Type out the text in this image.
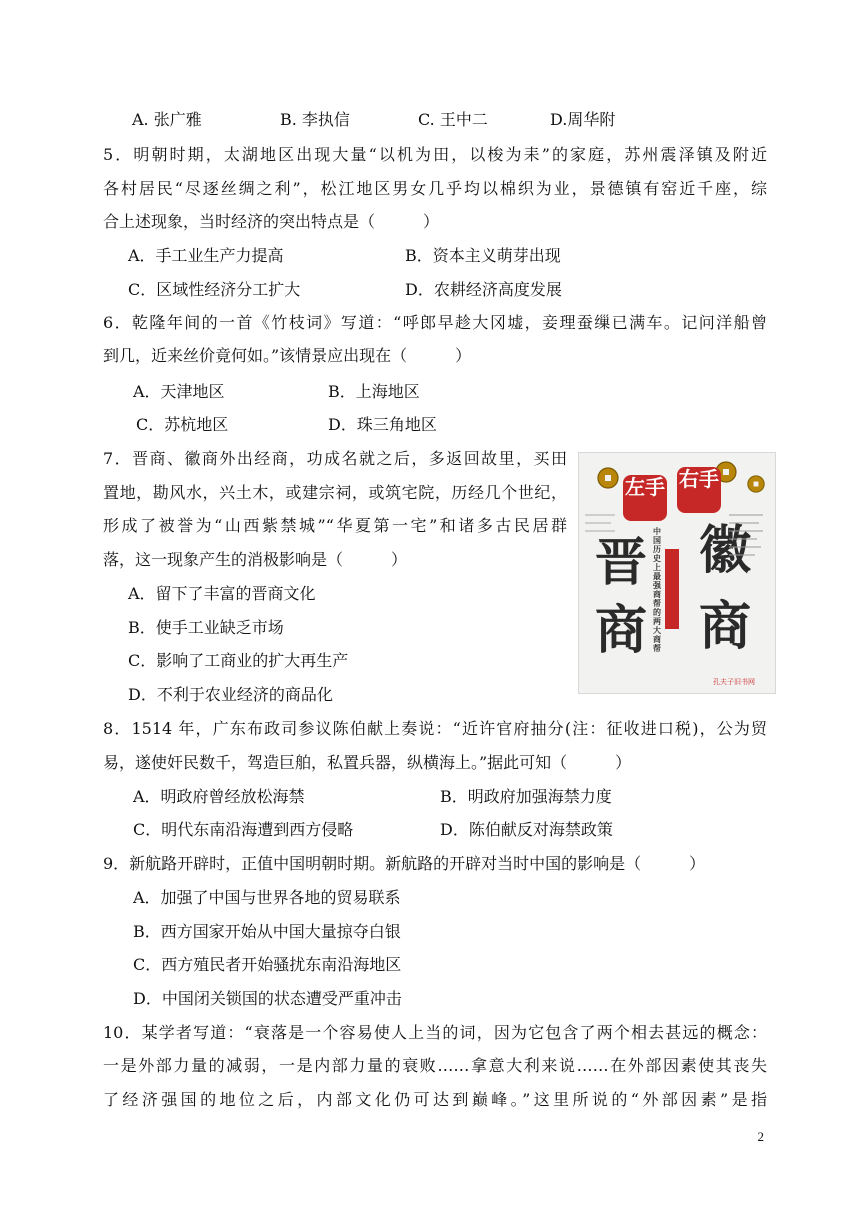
A. 张广雅	B. 李执信	C. 王中二	D.周华附
5．明朝时期，太湖地区出现大量“以机为田，以梭为耒”的家庭，苏州震泽镇及附近
各村居民“尽逐丝绸之利”，松江地区男女几乎均以棉织为业，景德镇有窑近千座，综
合上述现象，当时经济的突出特点是（　　　）
A．手工业生产力提高	B．资本主义萌芽出现
C．区域性经济分工扩大	D．农耕经济高度发展
6．乾隆年间的一首《竹枝词》写道：“呼郎早趁大冈墟，妾理蚕缫已满车。记问洋船曾
到几，近来丝价竟何如。”该情景应出现在（　　　）
A．天津地区	B．上海地区
C．苏杭地区	D．珠三角地区
7．晋商、徽商外出经商，功成名就之后，多返回故里，买田
置地，勘风水，兴土木，或建宗祠，或筑宅院，历经几个世纪，
形成了被誉为“山西紫禁城”“华夏第一宅”和诸多古民居群
落，这一现象产生的消极影响是（　　　）
A．留下了丰富的晋商文化
B．使手工业缺乏市场
C．影响了工商业的扩大再生产
D．不利于农业经济的商品化
左手 右手
晋
商
徽
商
中国历史上最强商帮的两大商帮
孔夫子旧书网
8．1514 年，广东布政司参议陈伯献上奏说：“近许官府抽分(注：征收进口税)，公为贸
易，遂使奸民数千，驾造巨舶，私置兵器，纵横海上。”据此可知（　　　）
A．明政府曾经放松海禁	B．明政府加强海禁力度
C．明代东南沿海遭到西方侵略	D．陈伯献反对海禁政策
9．新航路开辟时，正值中国明朝时期。新航路的开辟对当时中国的影响是（　　　）
A．加强了中国与世界各地的贸易联系
B．西方国家开始从中国大量掠夺白银
C．西方殖民者开始骚扰东南沿海地区
D．中国闭关锁国的状态遭受严重冲击
10．某学者写道：“衰落是一个容易使人上当的词，因为它包含了两个相去甚远的概念：
一是外部力量的减弱，一是内部力量的衰败……拿意大利来说……在外部因素使其丧失
了经济强国的地位之后，内部文化仍可达到巅峰。”这里所说的“外部因素”是指
2
